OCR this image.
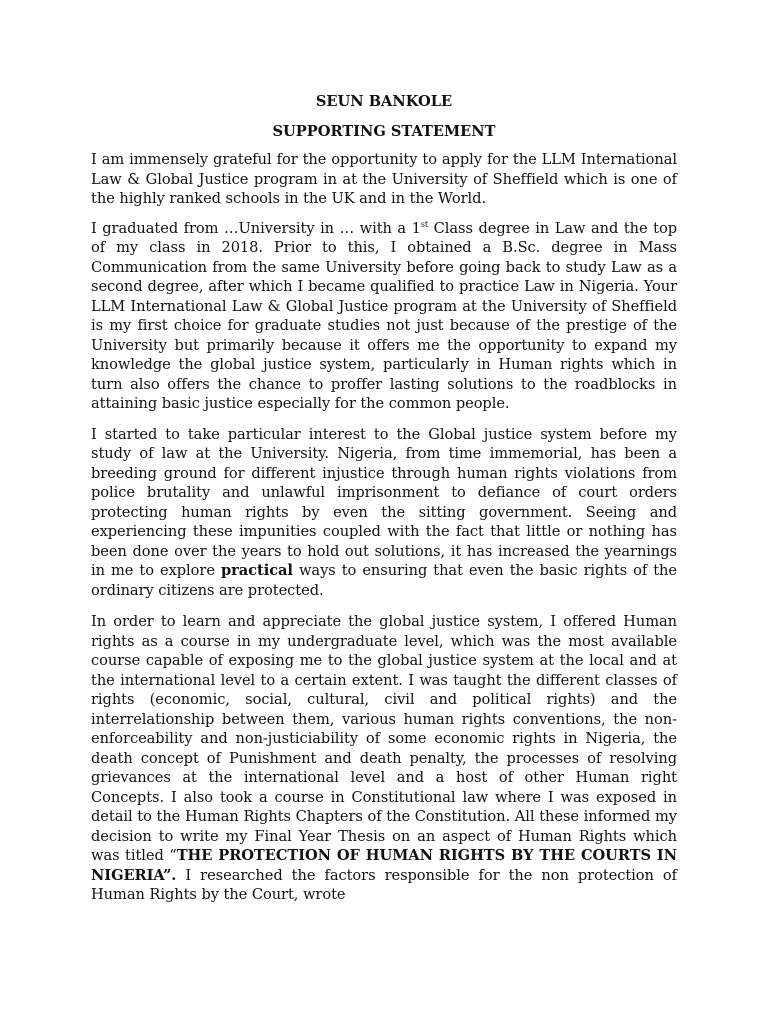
SEUN BANKOLE

SUPPORTING STATEMENT

I am immensely grateful for the opportunity to apply for the LLM International Law & Global Justice program in at the University of Sheffield which is one of the highly ranked schools in the UK and in the World.

I graduated from …University in … with a 1st Class degree in Law and the top of my class in 2018. Prior to this, I obtained a B.Sc. degree in Mass Communication from the same University before going back to study Law as a second degree, after which I became qualified to practice Law in Nigeria. Your LLM International Law & Global Justice program at the University of Sheffield is my first choice for graduate studies not just because of the prestige of the University but primarily because it offers me the opportunity to expand my knowledge the global justice system, particularly in Human rights which in turn also offers the chance to proffer lasting solutions to the roadblocks in attaining basic justice especially for the common people.

I started to take particular interest to the Global justice system before my study of law at the University. Nigeria, from time immemorial, has been a breeding ground for different injustice through human rights violations from police brutality and unlawful imprisonment to defiance of court orders protecting human rights by even the sitting government. Seeing and experiencing these impunities coupled with the fact that little or nothing has been done over the years to hold out solutions, it has increased the yearnings in me to explore practical ways to ensuring that even the basic rights of the ordinary citizens are protected.

In order to learn and appreciate the global justice system, I offered Human rights as a course in my undergraduate level, which was the most available course capable of exposing me to the global justice system at the local and at the international level to a certain extent. I was taught the different classes of rights (economic, social, cultural, civil and political rights) and the interrelationship between them, various human rights conventions, the non-enforceability and non-justiciability of some economic rights in Nigeria, the death concept of Punishment and death penalty, the processes of resolving grievances at the international level and a host of other Human right Concepts. I also took a course in Constitutional law where I was exposed in detail to the Human Rights Chapters of the Constitution. All these informed my decision to write my Final Year Thesis on an aspect of Human Rights which was titled “THE PROTECTION OF HUMAN RIGHTS BY THE COURTS IN NIGERIA”. I researched the factors responsible for the non protection of Human Rights by the Court, wrote
